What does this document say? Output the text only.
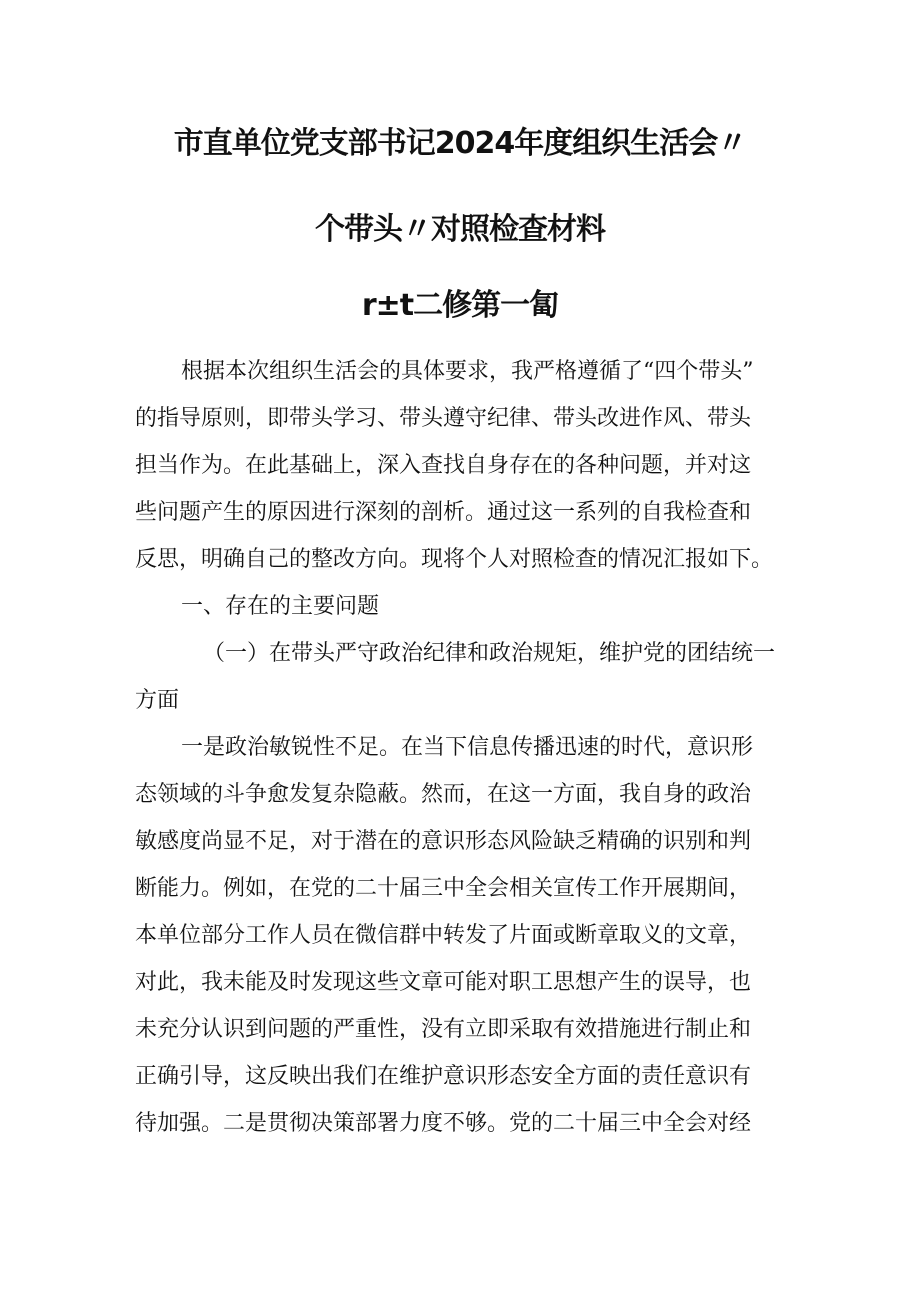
市直单位党支部书记2024年度组织生活会〃
个带头〃对照检查材料
r±t二修第一匐
根据本次组织生活会的具体要求，我严格遵循了“四个带头”
的指导原则，即带头学习、带头遵守纪律、带头改进作风、带头
担当作为。在此基础上，深入查找自身存在的各种问题，并对这
些问题产生的原因进行深刻的剖析。通过这一系列的自我检查和
反思，明确自己的整改方向。现将个人对照检查的情况汇报如下。
一、存在的主要问题
（一）在带头严守政治纪律和政治规矩，维护党的团结统一
方面
一是政治敏锐性不足。在当下信息传播迅速的时代，意识形
态领域的斗争愈发复杂隐蔽。然而，在这一方面，我自身的政治
敏感度尚显不足，对于潜在的意识形态风险缺乏精确的识别和判
断能力。例如，在党的二十届三中全会相关宣传工作开展期间，
本单位部分工作人员在微信群中转发了片面或断章取义的文章，
对此，我未能及时发现这些文章可能对职工思想产生的误导，也
未充分认识到问题的严重性，没有立即采取有效措施进行制止和
正确引导，这反映出我们在维护意识形态安全方面的责任意识有
待加强。二是贯彻决策部署力度不够。党的二十届三中全会对经
